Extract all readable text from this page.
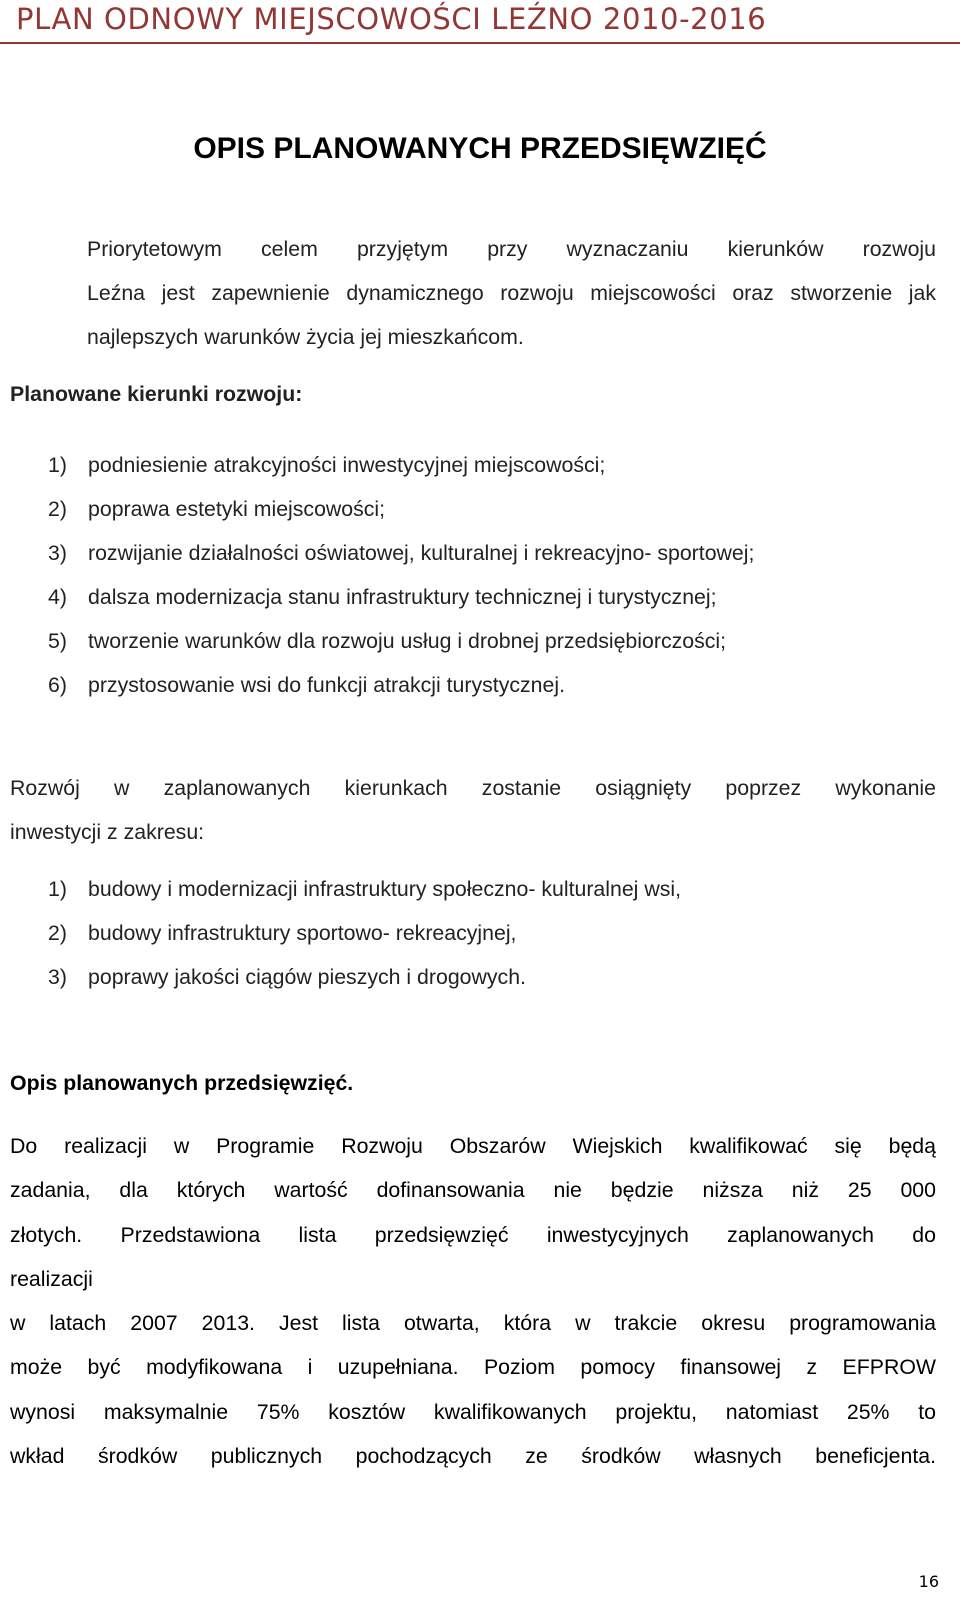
PLAN ODNOWY MIEJSCOWOŚCI LEŹNO 2010-2016
OPIS PLANOWANYCH PRZEDSIĘWZIĘĆ
Priorytetowym celem przyjętym przy wyznaczaniu kierunków rozwoju
Leźna jest zapewnienie dynamicznego rozwoju miejscowości oraz stworzenie jak
najlepszych warunków życia jej mieszkańcom.
Planowane kierunki rozwoju:
1) podniesienie atrakcyjności inwestycyjnej miejscowości;
2) poprawa estetyki miejscowości;
3) rozwijanie działalności oświatowej, kulturalnej i rekreacyjno- sportowej;
4) dalsza modernizacja stanu infrastruktury technicznej i turystycznej;
5) tworzenie warunków dla rozwoju usług i drobnej przedsiębiorczości;
6) przystosowanie wsi do funkcji atrakcji turystycznej.
Rozwój w zaplanowanych kierunkach zostanie osiągnięty poprzez wykonanie
inwestycji z zakresu:
1) budowy i modernizacji infrastruktury społeczno- kulturalnej wsi,
2) budowy infrastruktury sportowo- rekreacyjnej,
3) poprawy jakości ciągów pieszych i drogowych.
Opis planowanych przedsięwzięć.
Do realizacji w Programie Rozwoju Obszarów Wiejskich kwalifikować się będą
zadania, dla których wartość dofinansowania nie będzie niższa niż 25 000
złotych. Przedstawiona lista przedsięwzięć inwestycyjnych zaplanowanych do
realizacji
w latach 2007 2013. Jest lista otwarta, która w trakcie okresu programowania
może być modyfikowana i uzupełniana. Poziom pomocy finansowej z EFPROW
wynosi maksymalnie 75% kosztów kwalifikowanych projektu, natomiast 25% to
wkład środków publicznych pochodzących ze środków własnych beneficjenta.
16
